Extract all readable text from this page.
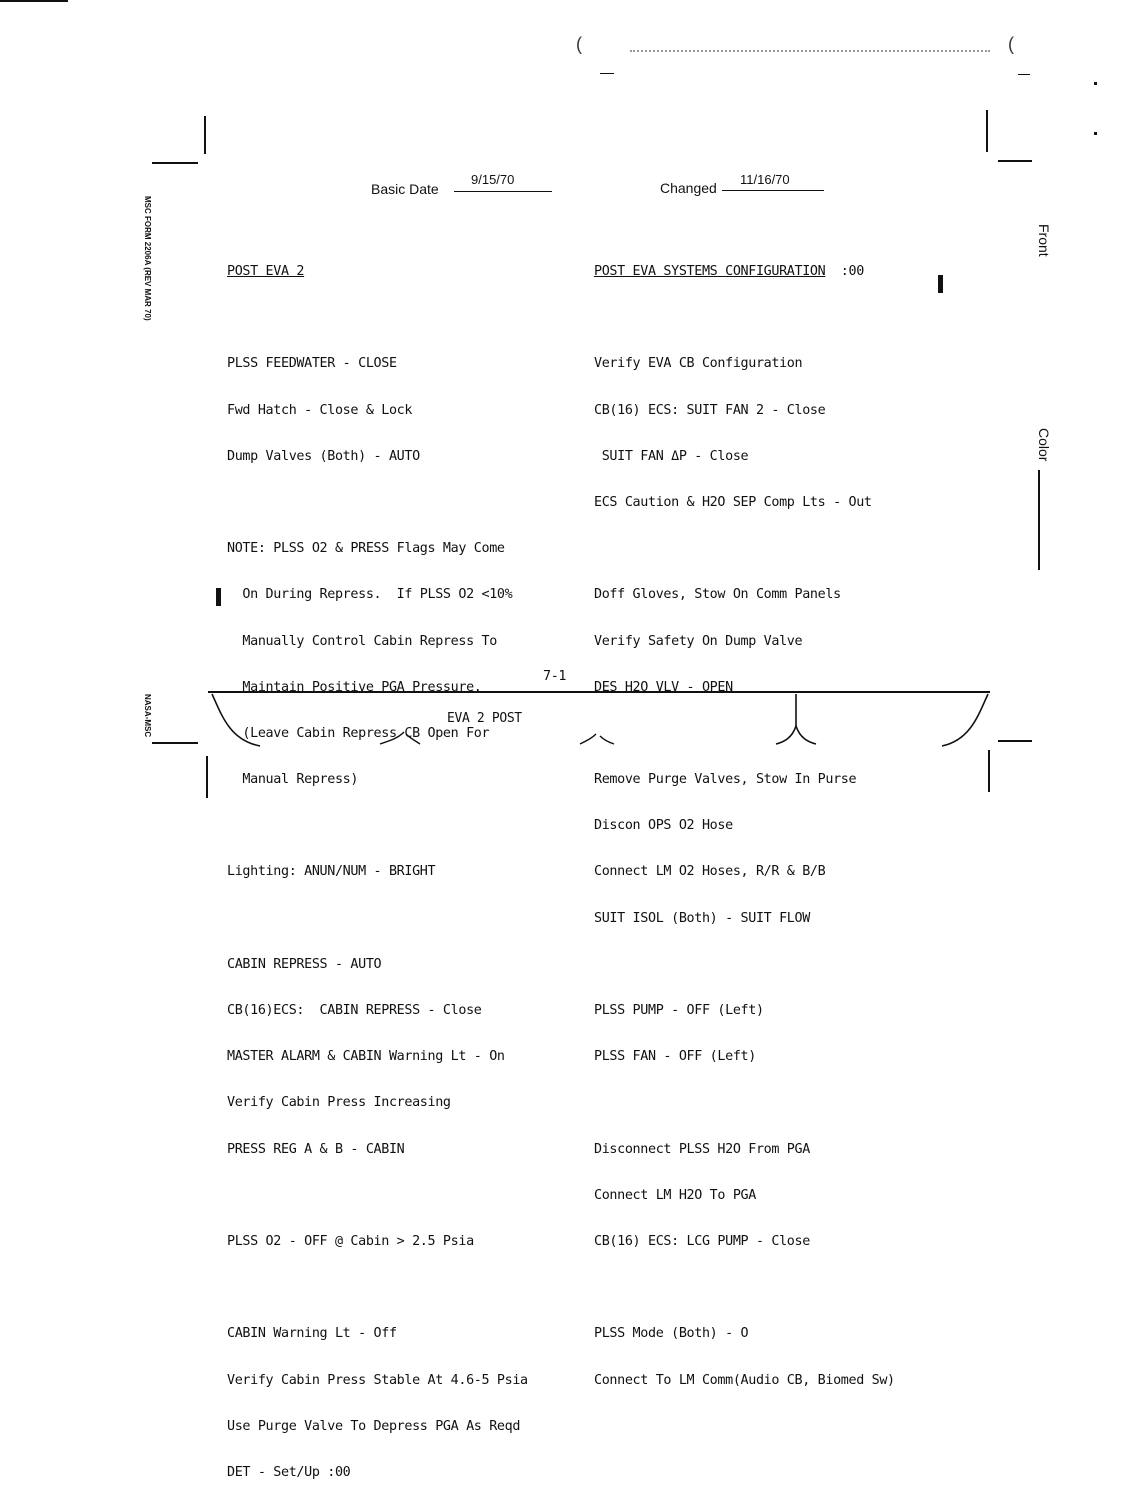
(	(
MSC FORM 2206A (REV MAR 70)
NASA-MSC
Front
Color
Basic Date
9/15/70
Changed
11/16/70

POST EVA 2

PLSS FEEDWATER - CLOSE

Fwd Hatch - Close & Lock

Dump Valves (Both) - AUTO

NOTE: PLSS O2 & PRESS Flags May Come

On During Repress.  If PLSS O2 <10%

Manually Control Cabin Repress To

Maintain Positive PGA Pressure.

(Leave Cabin Repress CB Open For

Manual Repress)

Lighting: ANUN/NUM - BRIGHT

CABIN REPRESS - AUTO

CB(16)ECS:  CABIN REPRESS - Close

MASTER ALARM & CABIN Warning Lt - On

Verify Cabin Press Increasing

PRESS REG A & B - CABIN

PLSS O2 - OFF @ Cabin > 2.5 Psia

CABIN Warning Lt - Off

Verify Cabin Press Stable At 4.6-5 Psia

Use Purge Valve To Depress PGA As Reqd

DET - Set/Up :00

POST EVA SYSTEMS CONFIGURATION  :00

Verify EVA CB Configuration

CB(16) ECS: SUIT FAN 2 - Close

SUIT FAN ΔP - Close

ECS Caution & H2O SEP Comp Lts - Out

Doff Gloves, Stow On Comm Panels

Verify Safety On Dump Valve

DES H2O VLV - OPEN

Remove Purge Valves, Stow In Purse

Discon OPS O2 Hose

Connect LM O2 Hoses, R/R & B/B

SUIT ISOL (Both) - SUIT FLOW

PLSS PUMP - OFF (Left)

PLSS FAN - OFF (Left)

Disconnect PLSS H2O From PGA

Connect LM H2O To PGA

CB(16) ECS: LCG PUMP - Close

PLSS Mode (Both) - O

Connect To LM Comm(Audio CB, Biomed Sw)

7-1
EVA 2 POST
